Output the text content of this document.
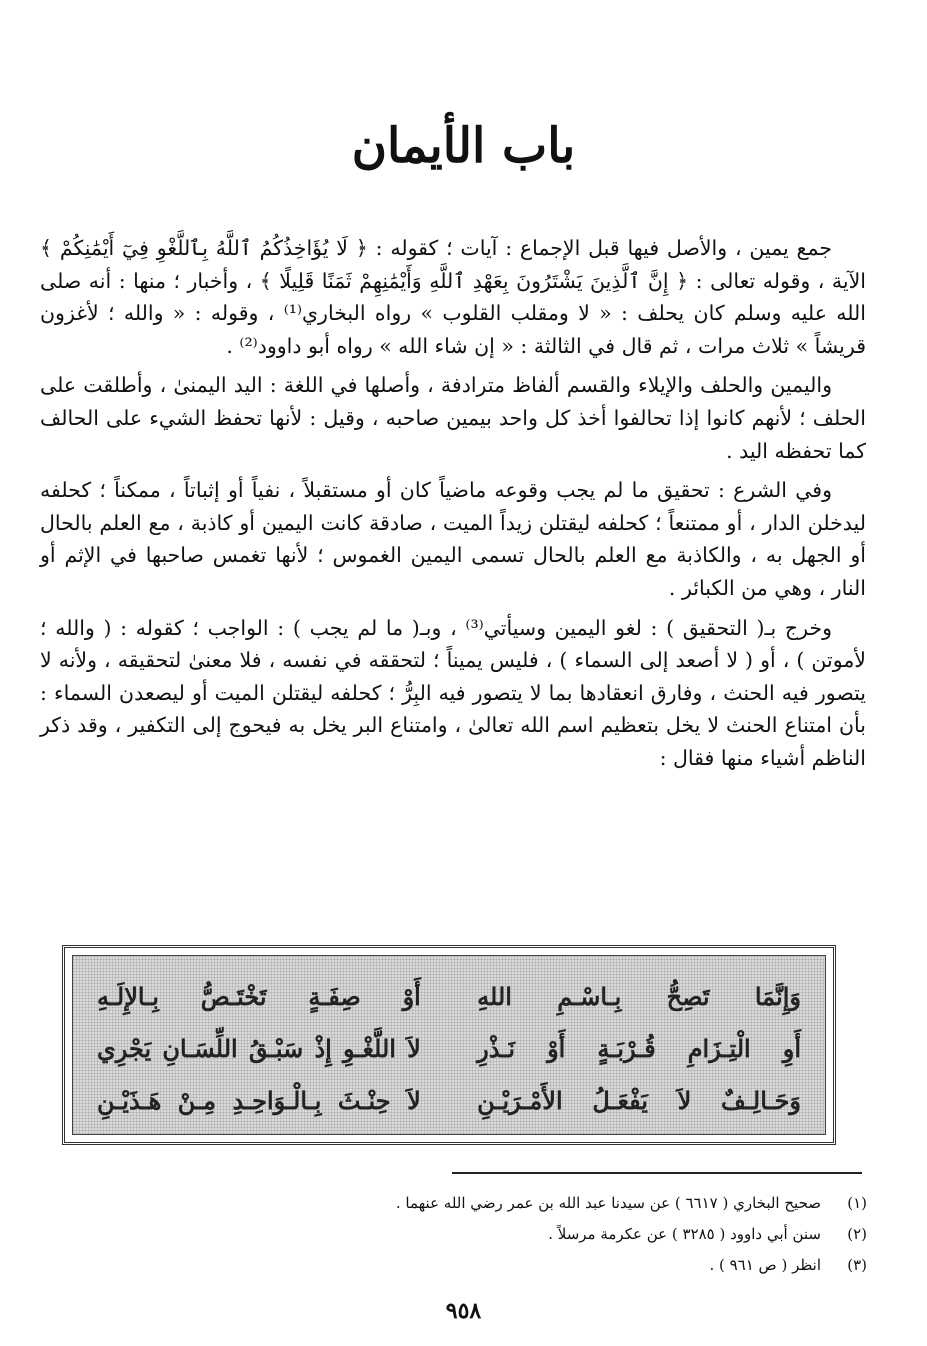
باب الأيمان

جمع يمين ، والأصل فيها قبل الإجماع : آيات ؛ كقوله : ﴿ لَا يُؤَاخِذُكُمُ ٱللَّهُ بِٱللَّغْوِ فِيٓ أَيْمَٰنِكُمْ ﴾ الآية ، وقوله تعالى : ﴿ إِنَّ ٱلَّذِينَ يَشْتَرُونَ بِعَهْدِ ٱللَّهِ وَأَيْمَٰنِهِمْ ثَمَنًا قَلِيلًا ﴾ ، وأخبار ؛ منها : أنه صلى الله عليه وسلم كان يحلف : « لا ومقلب القلوب » رواه البخاري⁽¹⁾ ، وقوله : « والله ؛ لأغزون قريشاً » ثلاث مرات ، ثم قال في الثالثة : « إن شاء الله » رواه أبو داوود⁽²⁾ .

واليمين والحلف والإيلاء والقسم ألفاظ مترادفة ، وأصلها في اللغة : اليد اليمنىٰ ، وأطلقت على الحلف ؛ لأنهم كانوا إذا تحالفوا أخذ كل واحد بيمين صاحبه ، وقيل : لأنها تحفظ الشيء على الحالف كما تحفظه اليد .

وفي الشرع : تحقيق ما لم يجب وقوعه ماضياً كان أو مستقبلاً ، نفياً أو إثباتاً ، ممكناً ؛ كحلفه ليدخلن الدار ، أو ممتنعاً ؛ كحلفه ليقتلن زيداً الميت ، صادقة كانت اليمين أو كاذبة ، مع العلم بالحال أو الجهل به ، والكاذبة مع العلم بالحال تسمى اليمين الغموس ؛ لأنها تغمس صاحبها في الإثم أو النار ، وهي من الكبائر .

وخرج بـ( التحقيق ) : لغو اليمين وسيأتي⁽³⁾ ، وبـ( ما لم يجب ) : الواجب ؛ كقوله : ( والله ؛ لأموتن ) ، أو ( لا أصعد إلى السماء ) ، فليس يميناً ؛ لتحققه في نفسه ، فلا معنىٰ لتحقيقه ، ولأنه لا يتصور فيه الحنث ، وفارق انعقادها بما لا يتصور فيه البِرُّ ؛ كحلفه ليقتلن الميت أو ليصعدن السماء : بأن امتناع الحنث لا يخل بتعظيم اسم الله تعالىٰ ، وامتناع البر يخل به فيحوج إلى التكفير ، وقد ذكر الناظم أشياء منها فقال :

وَإِنَّمَا تَصِحُّ بِـاسْـمِ اللهِ
أَوْ صِفَـةٍ تَخْتَـصُّ بِـالإِلَـهِ
أَوِ الْتِـزَامِ قُـرْبَـةٍ أَوْ نَـذْرِ
لاَ اللَّغْـوِ إِذْ سَبْـقُ اللِّسَـانِ يَجْرِي
وَحَـالِـفٌ لاَ يَفْعَـلُ الأَمْـرَيْـنِ
لاَ حِنْـثَ بِـالْـوَاحِـدِ مِـنْ هَـذَيْـنِ
(١)
صحيح البخاري ( ٦٦١٧ ) عن سيدنا عبد الله بن عمر رضي الله عنهما .
(٢)
سنن أبي داوود ( ٣٢٨٥ ) عن عكرمة مرسلاً .
(٣)
انظر ( ص ٩٦١ ) .
٩٥٨
